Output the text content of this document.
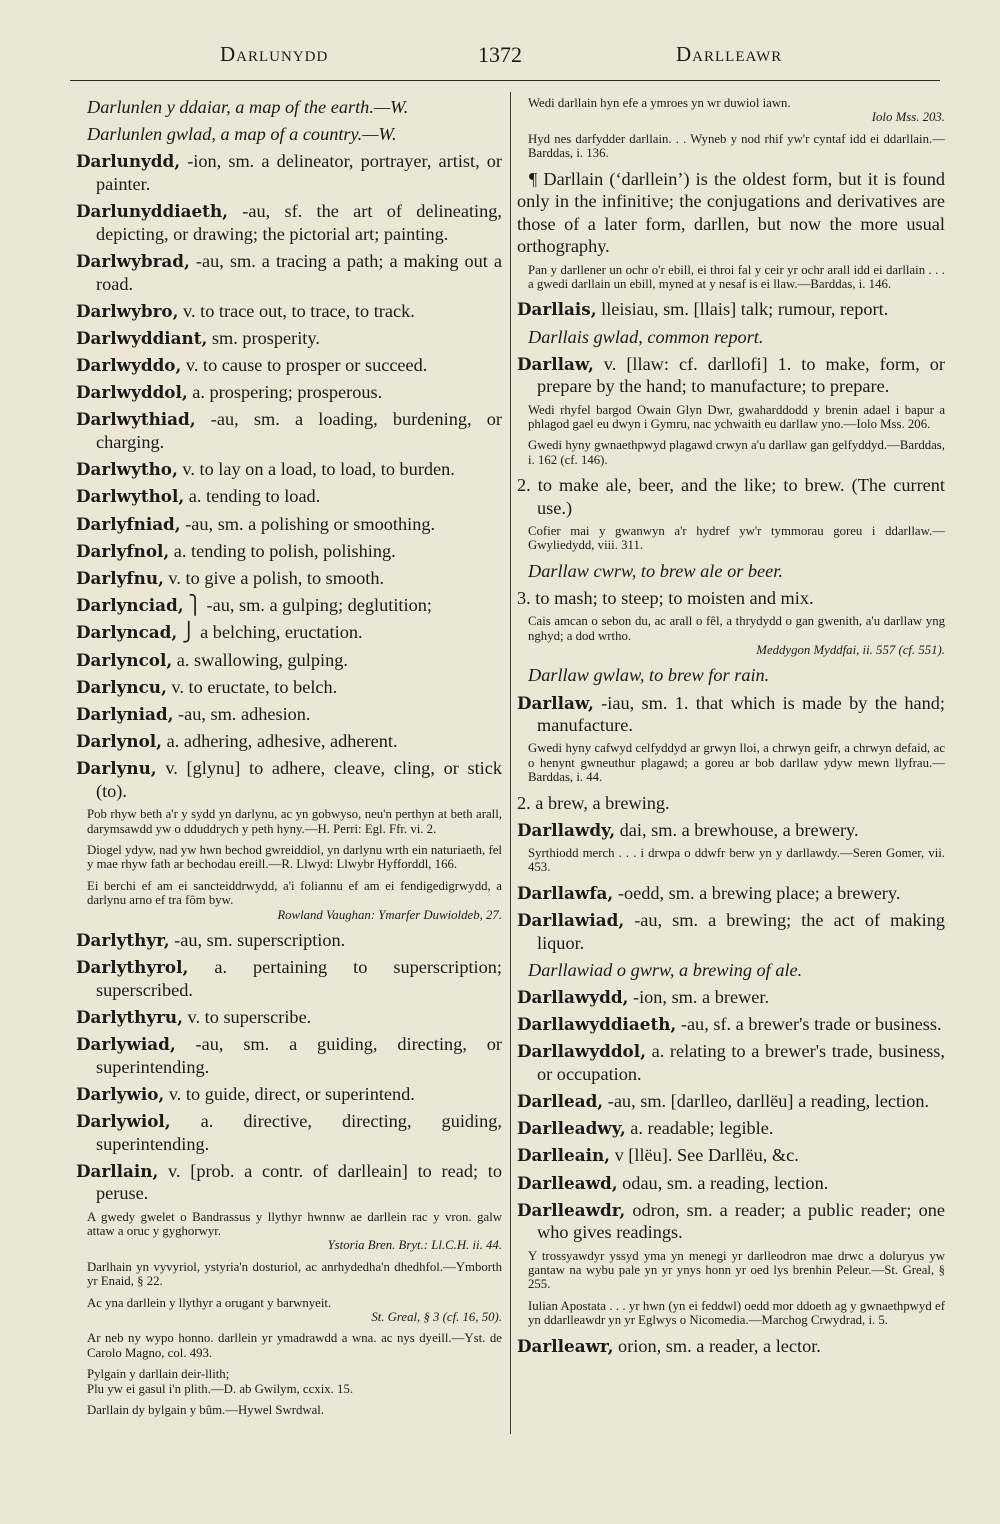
Darlunydd	1372	Darlleawr

Darlunlen y ddaiar, a map of the earth.—W.

Darlunlen gwlad, a map of a country.—W.

Darlunydd, -ion, sm. a delineator, portrayer, artist, or painter.

Darlunyddiaeth, -au, sf. the art of delineating, depicting, or drawing; the pictorial art; painting.

Darlwybrad, -au, sm. a tracing a path; a making out a road.

Darlwybro, v. to trace out, to trace, to track.

Darlwyddiant, sm. prosperity.

Darlwyddo, v. to cause to prosper or succeed.

Darlwyddol, a. prospering; prosperous.

Darlwythiad, -au, sm. a loading, burdening, or charging.

Darlwytho, v. to lay on a load, to load, to burden.

Darlwythol, a. tending to load.

Darlyfniad, -au, sm. a polishing or smoothing.

Darlyfnol, a. tending to polish, polishing.

Darlyfnu, v. to give a polish, to smooth.

Darlynciad, ⎫ -au, sm. a gulping; deglutition;

Darlyncad, ⎭ a belching, eructation.

Darlyncol, a. swallowing, gulping.

Darlyncu, v. to eructate, to belch.

Darlyniad, -au, sm. adhesion.

Darlynol, a. adhering, adhesive, adherent.

Darlynu, v. [glynu] to adhere, cleave, cling, or stick (to).

Pob rhyw beth a'r y sydd yn darlynu, ac yn gobwyso, neu'n perthyn at beth arall, darymsawdd yw o dduddrych y peth hyny.—H. Perri: Egl. Ffr. vi. 2.

Diogel ydyw, nad yw hwn bechod gwreiddiol, yn darlynu wrth ein naturiaeth, fel y mae rhyw fath ar bechodau ereill.—R. Llwyd: Llwybr Hyfforddl, 166.

Ei berchi ef am ei sancteiddrwydd, a'i foliannu ef am ei fendigedigrwydd, a darlynu arno ef tra fôm byw.
Rowland Vaughan: Ymarfer Duwioldeb, 27.

Darlythyr, -au, sm. superscription.

Darlythyrol, a. pertaining to superscription; superscribed.

Darlythyru, v. to superscribe.

Darlywiad, -au, sm. a guiding, directing, or superintending.

Darlywio, v. to guide, direct, or superintend.

Darlywiol, a. directive, directing, guiding, superintending.

Darllain, v. [prob. a contr. of darlleain] to read; to peruse.

A gwedy gwelet o Bandrassus y llythyr hwnnw ae darllein rac y vron. galw attaw a oruc y gyghorwyr.
Ystoria Bren. Bryt.: Ll.C.H. ii. 44.

Darlhain yn vyvyriol, ystyria'n dosturiol, ac anrhydedha'n dhedhfol.—Ymborth yr Enaid, § 22.

Ac yna darllein y llythyr a orugant y barwnyeit.
St. Greal, § 3 (cf. 16, 50).

Ar neb ny wypo honno. darllein yr ymadrawdd a wna. ac nys dyeill.—Yst. de Carolo Magno, col. 493.

Pylgain y darllain deir-llith;
Plu yw ei gasul i'n plith.—D. ab Gwilym, ccxix. 15.

Darllain dy bylgain y bûm.—Hywel Swrdwal.

Wedi darllain hyn efe a ymroes yn wr duwiol iawn.
Iolo Mss. 203.

Hyd nes darfydder darllain. . . Wyneb y nod rhif yw'r cyntaf idd ei ddarllain.—Barddas, i. 136.

¶ Darllain (‘darllein’) is the oldest form, but it is found only in the infinitive; the conjugations and derivatives are those of a later form, darllen, but now the more usual orthography.

Pan y darllener un ochr o'r ebill, ei throi fal y ceir yr ochr arall idd ei darllain . . . a gwedi darllain un ebill, myned at y nesaf is ei llaw.—Barddas, i. 146.

Darllais, lleisiau, sm. [llais] talk; rumour, report.

Darllais gwlad, common report.

Darllaw, v. [llaw: cf. darllofi] 1. to make, form, or prepare by the hand; to manufacture; to prepare.

Wedi rhyfel bargod Owain Glyn Dwr, gwaharddodd y brenin adael i bapur a phlagod gael eu dwyn i Gymru, nac ychwaith eu darllaw yno.—Iolo Mss. 206.

Gwedi hyny gwnaethpwyd plagawd crwyn a'u darllaw gan gelfyddyd.—Barddas, i. 162 (cf. 146).

2. to make ale, beer, and the like; to brew. (The current use.)

Cofier mai y gwanwyn a'r hydref yw'r tymmorau goreu i ddarllaw.—Gwyliedydd, viii. 311.

Darllaw cwrw, to brew ale or beer.

3. to mash; to steep; to moisten and mix.

Cais amcan o sebon du, ac arall o fêl, a thrydydd o gan gwenith, a'u darllaw yng nghyd; a dod wrtho.
Meddygon Myddfai, ii. 557 (cf. 551).

Darllaw gwlaw, to brew for rain.

Darllaw, -iau, sm. 1. that which is made by the hand; manufacture.

Gwedi hyny cafwyd celfyddyd ar grwyn lloi, a chrwyn geifr, a chrwyn defaid, ac o henynt gwneuthur plagawd; a goreu ar bob darllaw ydyw mewn llyfrau.—Barddas, i. 44.

2. a brew, a brewing.

Darllawdy, dai, sm. a brewhouse, a brewery.

Syrthiodd merch . . . i drwpa o ddwfr berw yn y darllawdy.—Seren Gomer, vii. 453.

Darllawfa, -oedd, sm. a brewing place; a brewery.

Darllawiad, -au, sm. a brewing; the act of making liquor.

Darllawiad o gwrw, a brewing of ale.

Darllawydd, -ion, sm. a brewer.

Darllawyddiaeth, -au, sf. a brewer's trade or business.

Darllawyddol, a. relating to a brewer's trade, business, or occupation.

Darllead, -au, sm. [darlleo, darllëu] a reading, lection.

Darlleadwy, a. readable; legible.

Darlleain, v [llëu]. See Darllëu, &c.

Darlleawd, odau, sm. a reading, lection.

Darlleawdr, odron, sm. a reader; a public reader; one who gives readings.

Y trossyawdyr yssyd yma yn menegi yr darlleodron mae drwc a doluryus yw gantaw na wybu pale yn yr ynys honn yr oed lys brenhin Peleur.—St. Greal, § 255.

Iulian Apostata . . . yr hwn (yn ei feddwl) oedd mor ddoeth ag y gwnaethpwyd ef yn ddarlleawdr yn yr Eglwys o Nicomedia.—Marchog Crwydrad, i. 5.

Darlleawr, orion, sm. a reader, a lector.
